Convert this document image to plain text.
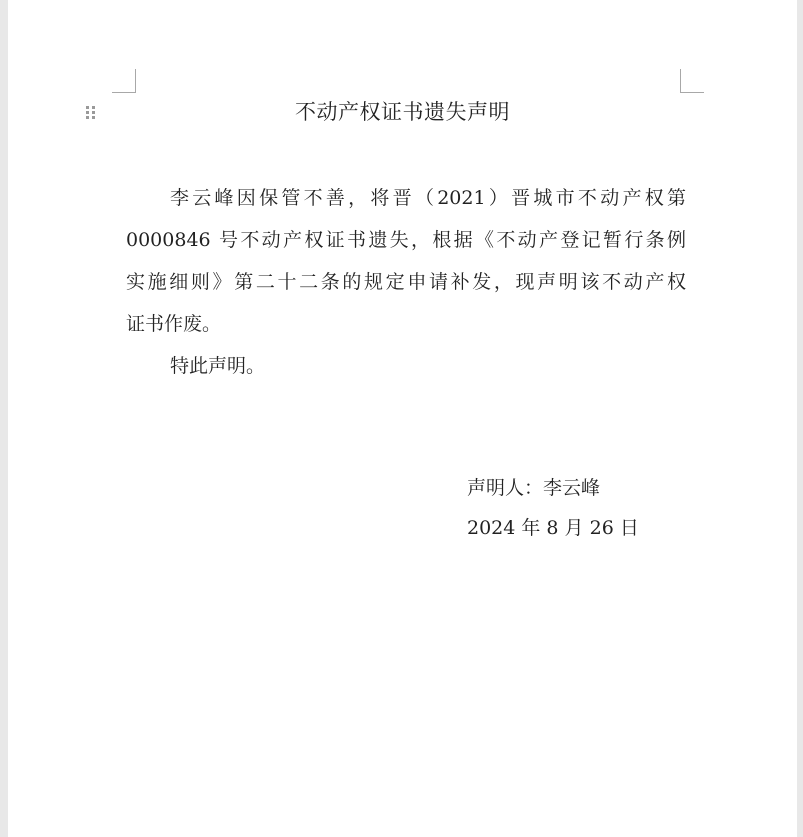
不动产权证书遗失声明
李云峰因保管不善，将晋（2021）晋城市不动产权第
0000846 号不动产权证书遗失，根据《不动产登记暂行条例
实施细则》第二十二条的规定申请补发，现声明该不动产权
证书作废。
特此声明。
声明人：李云峰
2024 年 8 月 26 日
